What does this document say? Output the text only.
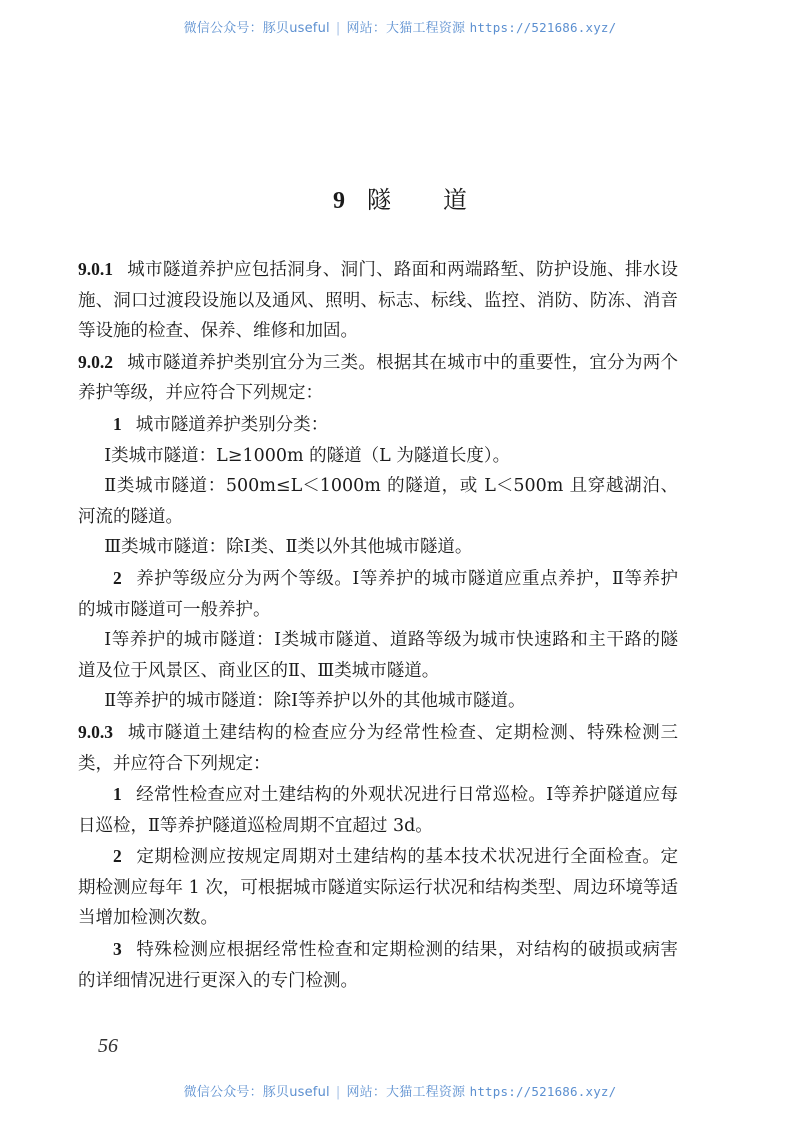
微信公众号：豚贝useful | 网站：大猫工程资源 https://521686.xyz/
9 隧 道

9.0.1 城市隧道养护应包括洞身、洞门、路面和两端路堑、防护设施、排水设施、洞口过渡段设施以及通风、照明、标志、标线、监控、消防、防冻、消音等设施的检查、保养、维修和加固。

9.0.2 城市隧道养护类别宜分为三类。根据其在城市中的重要性，宜分为两个养护等级，并应符合下列规定：

1 城市隧道养护类别分类：

Ⅰ类城市隧道：L≥1000m 的隧道（L 为隧道长度）。

Ⅱ类城市隧道：500m≤L＜1000m 的隧道，或 L＜500m 且穿越湖泊、河流的隧道。

Ⅲ类城市隧道：除Ⅰ类、Ⅱ类以外其他城市隧道。

2 养护等级应分为两个等级。Ⅰ等养护的城市隧道应重点养护，Ⅱ等养护的城市隧道可一般养护。

Ⅰ等养护的城市隧道：Ⅰ类城市隧道、道路等级为城市快速路和主干路的隧道及位于风景区、商业区的Ⅱ、Ⅲ类城市隧道。

Ⅱ等养护的城市隧道：除Ⅰ等养护以外的其他城市隧道。

9.0.3 城市隧道土建结构的检查应分为经常性检查、定期检测、特殊检测三类，并应符合下列规定：

1 经常性检查应对土建结构的外观状况进行日常巡检。Ⅰ等养护隧道应每日巡检，Ⅱ等养护隧道巡检周期不宜超过 3d。

2 定期检测应按规定周期对土建结构的基本技术状况进行全面检查。定期检测应每年 1 次，可根据城市隧道实际运行状况和结构类型、周边环境等适当增加检测次数。

3 特殊检测应根据经常性检查和定期检测的结果，对结构的破损或病害的详细情况进行更深入的专门检测。

56
微信公众号：豚贝useful | 网站：大猫工程资源 https://521686.xyz/
